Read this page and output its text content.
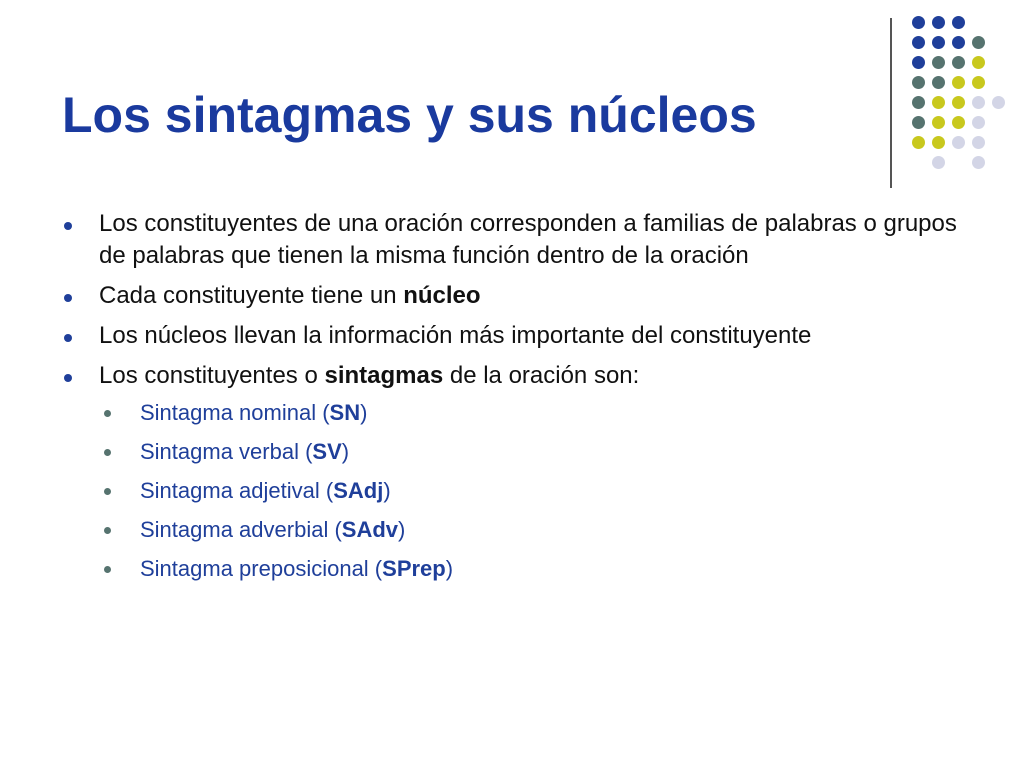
Los sintagmas y sus núcleos
Los constituyentes de una oración corresponden a familias de palabras o grupos de palabras que tienen la misma función dentro de la oración
Cada constituyente tiene un núcleo
Los núcleos llevan la información más importante del constituyente
Los constituyentes o sintagmas de la oración son:
Sintagma nominal (SN)
Sintagma verbal (SV)
Sintagma adjetival (SAdj)
Sintagma adverbial (SAdv)
Sintagma preposicional (SPrep)
